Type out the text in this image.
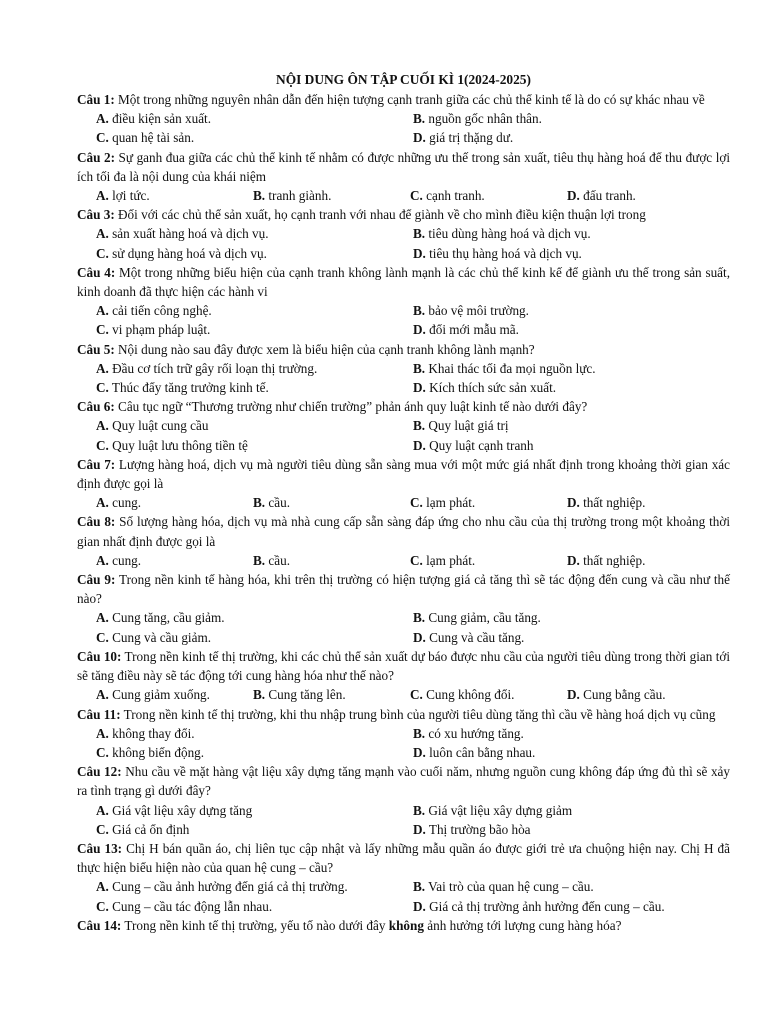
NỘI DUNG ÔN TẬP CUỐI KÌ 1(2024-2025)
Câu 1: Một trong những nguyên nhân dẫn đến hiện tượng cạnh tranh giữa các chủ thể kinh tế là do có sự khác nhau về
A. điều kiện sản xuất.	B. nguồn gốc nhân thân.
C. quan hệ tài sản.	D. giá trị thặng dư.
Câu 2: Sự ganh đua giữa các chủ thể kinh tế nhằm có được những ưu thế trong sản xuất, tiêu thụ hàng hoá để thu được lợi ích tối đa là nội dung của khái niệm
A. lợi tức.	B. tranh giành.	C. cạnh tranh.	D. đấu tranh.
Câu 3: Đối với các chủ thể sản xuất, họ cạnh tranh với nhau để giành về cho mình điều kiện thuận lợi trong
A. sản xuất hàng hoá và dịch vụ.	B. tiêu dùng hàng hoá và dịch vụ.
C. sử dụng hàng hoá và dịch vụ.	D. tiêu thụ hàng hoá và dịch vụ.
Câu 4: Một trong những biểu hiện của cạnh tranh không lành mạnh là các chủ thể kinh kế để giành ưu thế trong sản suất, kinh doanh đã thực hiện các hành vi
A. cải tiến công nghệ.	B. bảo vệ môi trường.
C. vi phạm pháp luật.	D. đổi mới mẫu mã.
Câu 5: Nội dung nào sau đây được xem là biểu hiện của cạnh tranh không lành mạnh?
A. Đầu cơ tích trữ gây rối loạn thị trường.	B. Khai thác tối đa mọi nguồn lực.
C. Thúc đẩy tăng trưởng kinh tế.	D. Kích thích sức sản xuất.
Câu 6: Câu tục ngữ “Thương trường như chiến trường” phản ánh quy luật kinh tế nào dưới đây?
A. Quy luật cung cầu	B. Quy luật giá trị
C. Quy luật lưu thông tiền tệ	D. Quy luật cạnh tranh
Câu 7: Lượng hàng hoá, dịch vụ mà người tiêu dùng sẵn sàng mua với một mức giá nhất định trong khoảng thời gian xác định được gọi là
A. cung.	B. cầu.	C. lạm phát.	D. thất nghiệp.
Câu 8: Số lượng hàng hóa, dịch vụ mà nhà cung cấp sẵn sàng đáp ứng cho nhu cầu của thị trường trong một khoảng thời gian nhất định được gọi là
A. cung.	B. cầu.	C. lạm phát.	D. thất nghiệp.
Câu 9: Trong nền kinh tế hàng hóa, khi trên thị trường có hiện tượng giá cả tăng thì sẽ tác động đến cung và cầu như thế nào?
A. Cung tăng, cầu giảm.	B. Cung giảm, cầu tăng.
C. Cung và cầu giảm.	D. Cung và cầu tăng.
Câu 10: Trong nền kinh tế thị trường, khi các chủ thể sản xuất dự báo được nhu cầu của người tiêu dùng trong thời gian tới sẽ tăng điều này sẽ tác động tới cung hàng hóa như thế nào?
A. Cung giảm xuống.	B. Cung tăng lên.	C. Cung không đổi.	D. Cung bằng cầu.
Câu 11: Trong nền kinh tế thị trường, khi thu nhập trung bình của người tiêu dùng tăng thì cầu về hàng hoá dịch vụ cũng
A. không thay đổi.	B. có xu hướng tăng.
C. không biến động.	D. luôn cân bằng nhau.
Câu 12: Nhu cầu về mặt hàng vật liệu xây dựng tăng mạnh vào cuối năm, nhưng nguồn cung không đáp ứng đủ thì sẽ xảy ra tình trạng gì dưới đây?
A. Giá vật liệu xây dựng tăng	B. Giá vật liệu xây dựng giảm
C. Giá cả ổn định	D. Thị trường bão hòa
Câu 13: Chị H bán quần áo, chị liên tục cập nhật và lấy những mẫu quần áo được giới trẻ ưa chuộng hiện nay. Chị H đã thực hiện biểu hiện nào của quan hệ cung – cầu?
A. Cung – cầu ảnh hưởng đến giá cả thị trường.	B. Vai trò của quan hệ cung – cầu.
C. Cung – cầu tác động lẫn nhau.	D. Giá cả thị trường ảnh hưởng đến cung – cầu.
Câu 14: Trong nền kinh tế thị trường, yếu tố nào dưới đây không ảnh hưởng tới lượng cung hàng hóa?
